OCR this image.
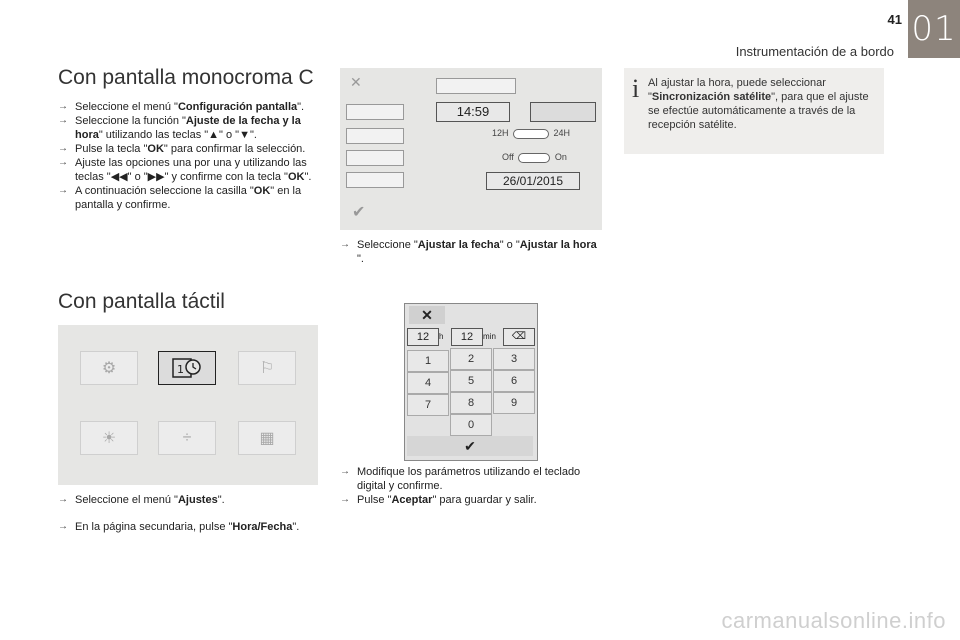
41
Instrumentación de a bordo
01
Con pantalla monocroma C
→ Seleccione el menú "Configuración pantalla".
→ Seleccione la función "Ajuste de la fecha y la hora" utilizando las teclas "▲" o "▼".
→ Pulse la tecla "OK" para confirmar la selección.
→ Ajuste las opciones una por una y utilizando las teclas "◀◀" o "▶▶" y confirme con la tecla "OK".
→ A continuación seleccione la casilla "OK" en la pantalla y confirme.
Con pantalla táctil
⚙	1	⚐
☀	÷	▦
→ Seleccione el menú "Ajustes".
→ En la página secundaria, pulse "Hora/Fecha".
✕
✔
14:59
12H	24H
Off	On
26/01/2015
→ Seleccione "Ajustar la fecha" o "Ajustar la hora ".
✕
12	h	12	min	⌫
1	2	3
4	5	6
7	8	9
0
✔
→ Modifique los parámetros utilizando el teclado digital y confirme.
→ Pulse "Aceptar" para guardar y salir.
i Al ajustar la hora, puede seleccionar "Sincronización satélite", para que el ajuste se efectúe automáticamente a través de la recepción satélite.
carmanualsonline.info
